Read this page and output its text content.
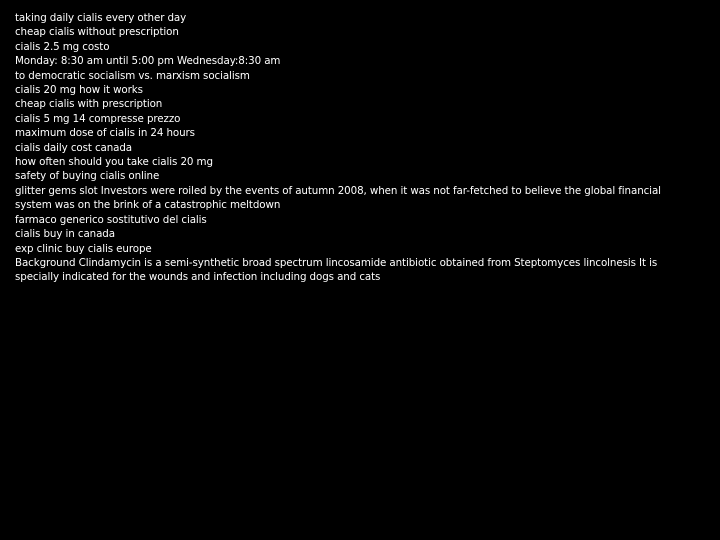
taking daily cialis every other day
cheap cialis without prescription
cialis 2.5 mg costo
Monday: 8:30 am until 5:00 pm Wednesday:8:30 am to democratic socialism vs. marxism socialism
cialis 20 mg how it works
cheap cialis with prescription
cialis 5 mg 14 compresse prezzo
maximum dose of cialis in 24 hours
cialis daily cost canada
how often should you take cialis 20 mg
safety of buying cialis online
glitter gems slot Investors were roiled by the events of autumn 2008, when it was not far-fetched to believe the global financial system was on the brink of a catastrophic meltdown
farmaco generico sostitutivo del cialis
cialis buy in canada
exp clinic buy cialis europe
Background Clindamycin is a semi-synthetic broad spectrum lincosamide antibiotic obtained from Steptomyces lincolnesis It is specially indicated for the wounds and infection including dogs and cats
